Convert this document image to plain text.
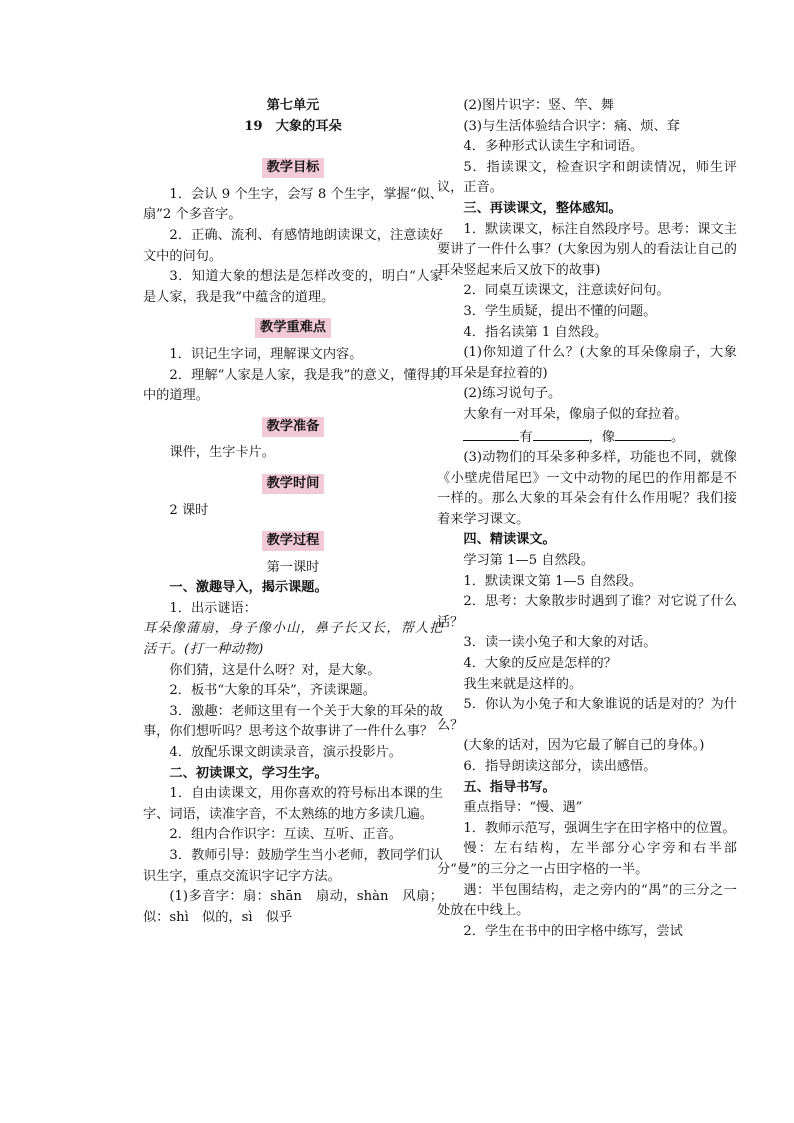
第七单元

19　大象的耳朵

教学目标

1．会认 9 个生字，会写 8 个生字，掌握“似、扇”2 个多音字。

2．正确、流利、有感情地朗读课文，注意读好文中的问句。

3．知道大象的想法是怎样改变的，明白“人家是人家，我是我”中蕴含的道理。

教学重难点

1．识记生字词，理解课文内容。

2．理解“人家是人家，我是我”的意义，懂得其中的道理。

教学准备

课件，生字卡片。

教学时间

2 课时

教学过程

第一课时

一、激趣导入，揭示课题。

1．出示谜语：

耳朵像蒲扇，身子像小山，鼻子长又长，帮人把活干。(打一种动物)

你们猜，这是什么呀？对，是大象。

2．板书“大象的耳朵”，齐读课题。

3．激趣：老师这里有一个关于大象的耳朵的故事，你们想听吗？思考这个故事讲了一件什么事？

4．放配乐课文朗读录音，演示投影片。

二、初读课文，学习生字。

1．自由读课文，用你喜欢的符号标出本课的生字、词语，读准字音，不太熟练的地方多读几遍。

2．组内合作识字：互读、互听、正音。

3．教师引导：鼓励学生当小老师，教同学们认识生字，重点交流识字记字方法。

(1)多音字：扇：shān　扇动，shàn　风扇；似：shì　似的，sì　似乎

(2)图片识字：竖、竿、舞

(3)与生活体验结合识字：痛、烦、耷

4．多种形式认读生字和词语。

5．指读课文，检查识字和朗读情况，师生评议，正音。

三、再读课文，整体感知。

1．默读课文，标注自然段序号。思考：课文主要讲了一件什么事？(大象因为别人的看法让自己的耳朵竖起来后又放下的故事)

2．同桌互读课文，注意读好问句。

3．学生质疑，提出不懂的问题。

4．指名读第 1 自然段。

(1)你知道了什么？(大象的耳朵像扇子，大象的耳朵是耷拉着的)

(2)练习说句子。

大象有一对耳朵，像扇子似的耷拉着。

有	，像	。

(3)动物们的耳朵多种多样，功能也不同，就像《小壁虎借尾巴》一文中动物的尾巴的作用都是不一样的。那么大象的耳朵会有什么作用呢？我们接着来学习课文。

四、精读课文。

学习第 1—5 自然段。

1．默读课文第 1—5 自然段。

2．思考：大象散步时遇到了谁？对它说了什么话？

3．读一读小兔子和大象的对话。

4．大象的反应是怎样的？

我生来就是这样的。

5．你认为小兔子和大象谁说的话是对的？为什么？

(大象的话对，因为它最了解自己的身体。)

6．指导朗读这部分，读出感悟。

五、指导书写。

重点指导：“慢、遇”

1．教师示范写，强调生字在田字格中的位置。

慢：左右结构，左半部分心字旁和右半部分“曼”的三分之一占田字格的一半。

遇：半包围结构，走之旁内的“禺”的三分之一处放在中线上。

2．学生在书中的田字格中练写，尝试
